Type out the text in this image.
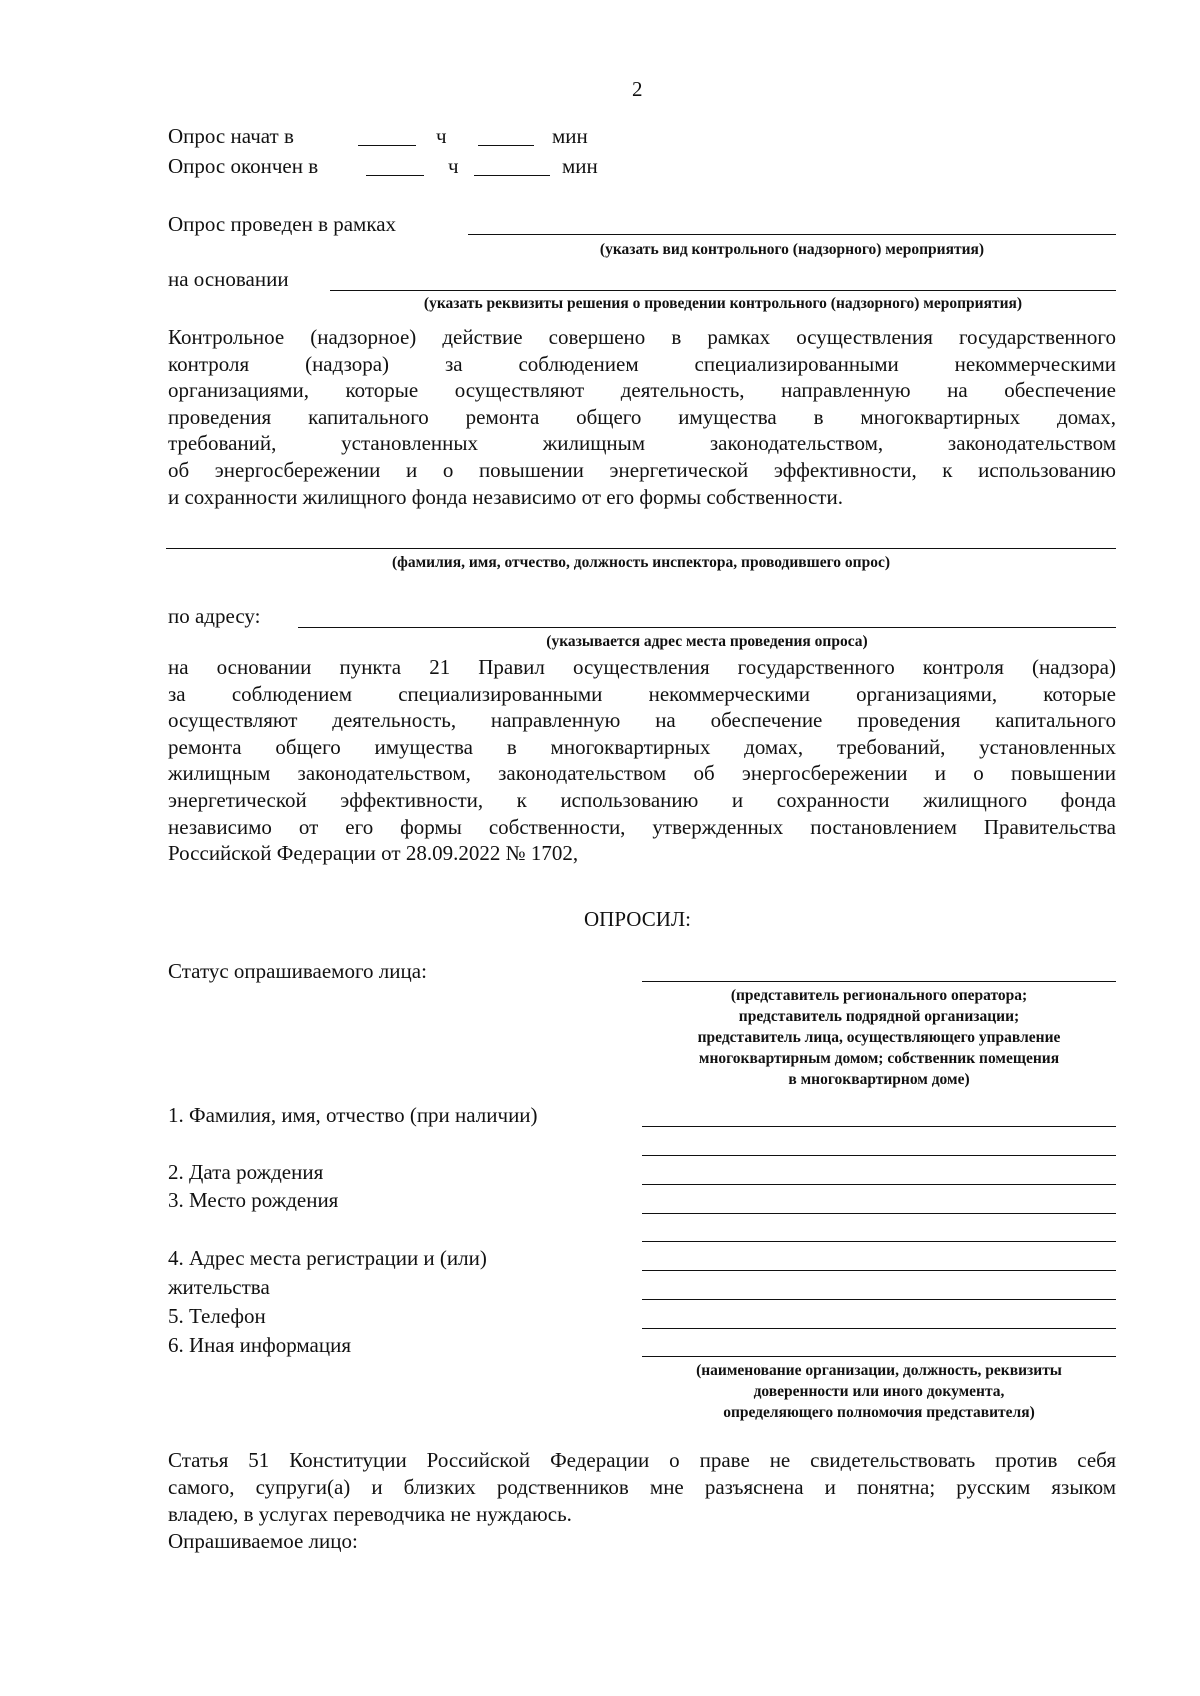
2
Опрос начат в	ч	мин
Опрос окончен в	ч	мин
Опрос проведен в рамках
(указать вид контрольного (надзорного) мероприятия)
на основании
(указать реквизиты решения о проведении контрольного (надзорного) мероприятия)
Контрольное (надзорное) действие совершено в рамках осуществления государственного
контроля (надзора) за соблюдением специализированными некоммерческими
организациями, которые осуществляют деятельность, направленную на обеспечение
проведения капитального ремонта общего имущества в многоквартирных домах,
требований, установленных жилищным законодательством, законодательством
об энергосбережении и о повышении энергетической эффективности, к использованию
и сохранности жилищного фонда независимо от его формы собственности.
(фамилия, имя, отчество, должность инспектора, проводившего опрос)
по адресу:
(указывается адрес места проведения опроса)
на основании пункта 21 Правил осуществления государственного контроля (надзора)
за соблюдением специализированными некоммерческими организациями, которые
осуществляют деятельность, направленную на обеспечение проведения капитального
ремонта общего имущества в многоквартирных домах, требований, установленных
жилищным законодательством, законодательством об энергосбережении и о повышении
энергетической эффективности, к использованию и сохранности жилищного фонда
независимо от его формы собственности, утвержденных постановлением Правительства
Российской Федерации от 28.09.2022 № 1702,
ОПРОСИЛ:
Статус опрашиваемого лица:
(представитель регионального оператора;
представитель подрядной организации;
представитель лица, осуществляющего управление
многоквартирным домом; собственник помещения
в многоквартирном доме)
1. Фамилия, имя, отчество (при наличии)
2. Дата рождения
3. Место рождения
4. Адрес места регистрации и (или)
жительства
5. Телефон
6. Иная информация
(наименование организации, должность, реквизиты
доверенности или иного документа,
определяющего полномочия представителя)
Статья 51 Конституции Российской Федерации о праве не свидетельствовать против себя
самого, супруги(а) и близких родственников мне разъяснена и понятна; русским языком
владею, в услугах переводчика не нуждаюсь.
Опрашиваемое лицо:
